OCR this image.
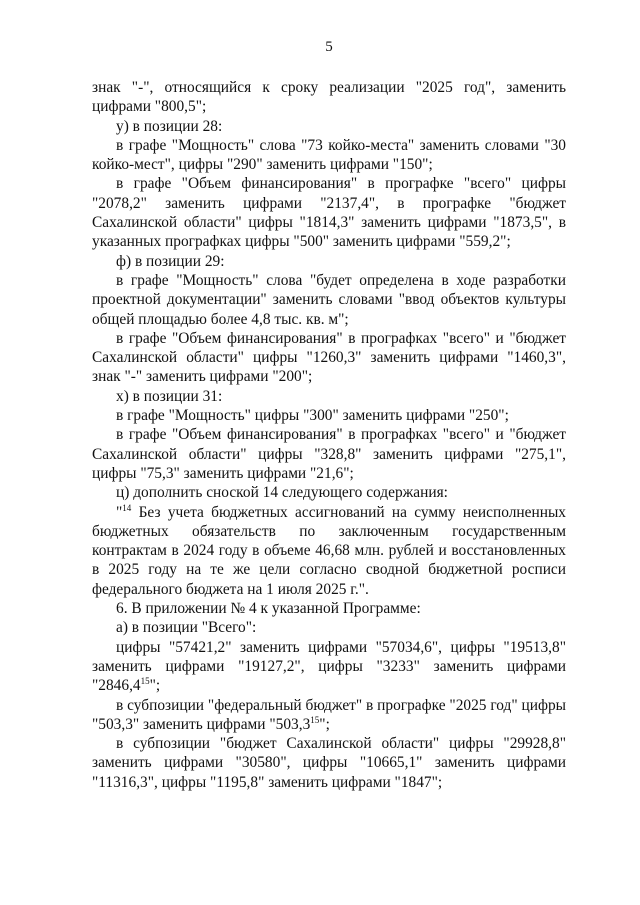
5

знак "-", относящийся к сроку реализации "2025 год", заменить цифрами "800,5";

у) в позиции 28:

в графе "Мощность" слова "73 койко-места" заменить словами "30 койко-мест", цифры "290" заменить цифрами "150";

в графе "Объем финансирования" в прографке "всего" цифры "2078,2" заменить цифрами "2137,4", в прографке "бюджет Сахалинской области" цифры "1814,3" заменить цифрами "1873,5", в указанных прографках цифры "500" заменить цифрами "559,2";

ф) в позиции 29:

в графе "Мощность" слова "будет определена в ходе разработки проектной документации" заменить словами "ввод объектов культуры общей площадью более 4,8 тыс. кв. м";

в графе "Объем финансирования" в прографках "всего" и "бюджет Сахалинской области" цифры "1260,3" заменить цифрами "1460,3", знак "-" заменить цифрами "200";

х) в позиции 31:

в графе "Мощность" цифры "300" заменить цифрами "250";

в графе "Объем финансирования" в прографках "всего" и "бюджет Сахалинской области" цифры "328,8" заменить цифрами "275,1", цифры "75,3" заменить цифрами "21,6";

ц) дополнить сноской 14 следующего содержания:

"$^{14}$ Без учета бюджетных ассигнований на сумму неисполненных бюджетных обязательств по заключенным государственным контрактам в 2024 году в объеме 46,68 млн. рублей и восстановленных в 2025 году на те же цели согласно сводной бюджетной росписи федерального бюджета на 1 июля 2025 г.".

6. В приложении № 4 к указанной Программе:

а) в позиции "Всего":

цифры "57421,2" заменить цифрами "57034,6", цифры "19513,8" заменить цифрами "19127,2", цифры "3233" заменить цифрами "2846,4$^{15}$";

в субпозиции "федеральный бюджет" в прографке "2025 год" цифры "503,3" заменить цифрами "503,3$^{15}$";

в субпозиции "бюджет Сахалинской области" цифры "29928,8" заменить цифрами "30580", цифры "10665,1" заменить цифрами "11316,3", цифры "1195,8" заменить цифрами "1847";
